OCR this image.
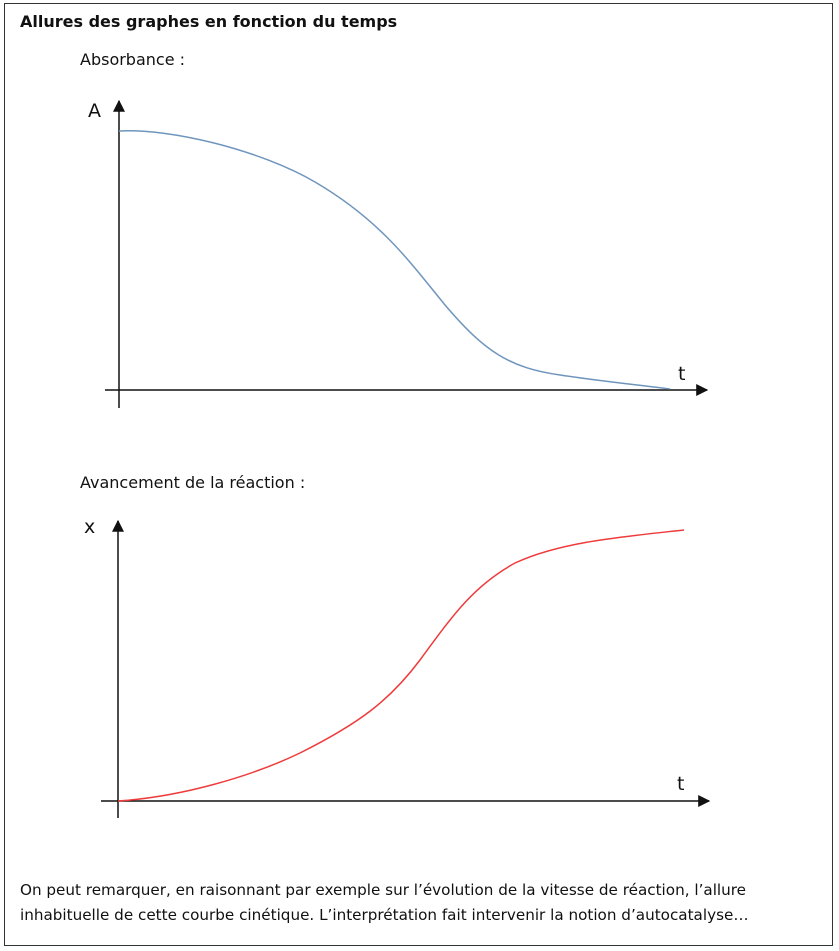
Allures des graphes en fonction du temps
Absorbance :
Avancement de la réaction :
A
t
x
t
On peut remarquer, en raisonnant par exemple sur l’évolution de la vitesse de réaction, l’allure inhabituelle de cette courbe cinétique. L’interprétation fait intervenir la notion d’autocatalyse…
